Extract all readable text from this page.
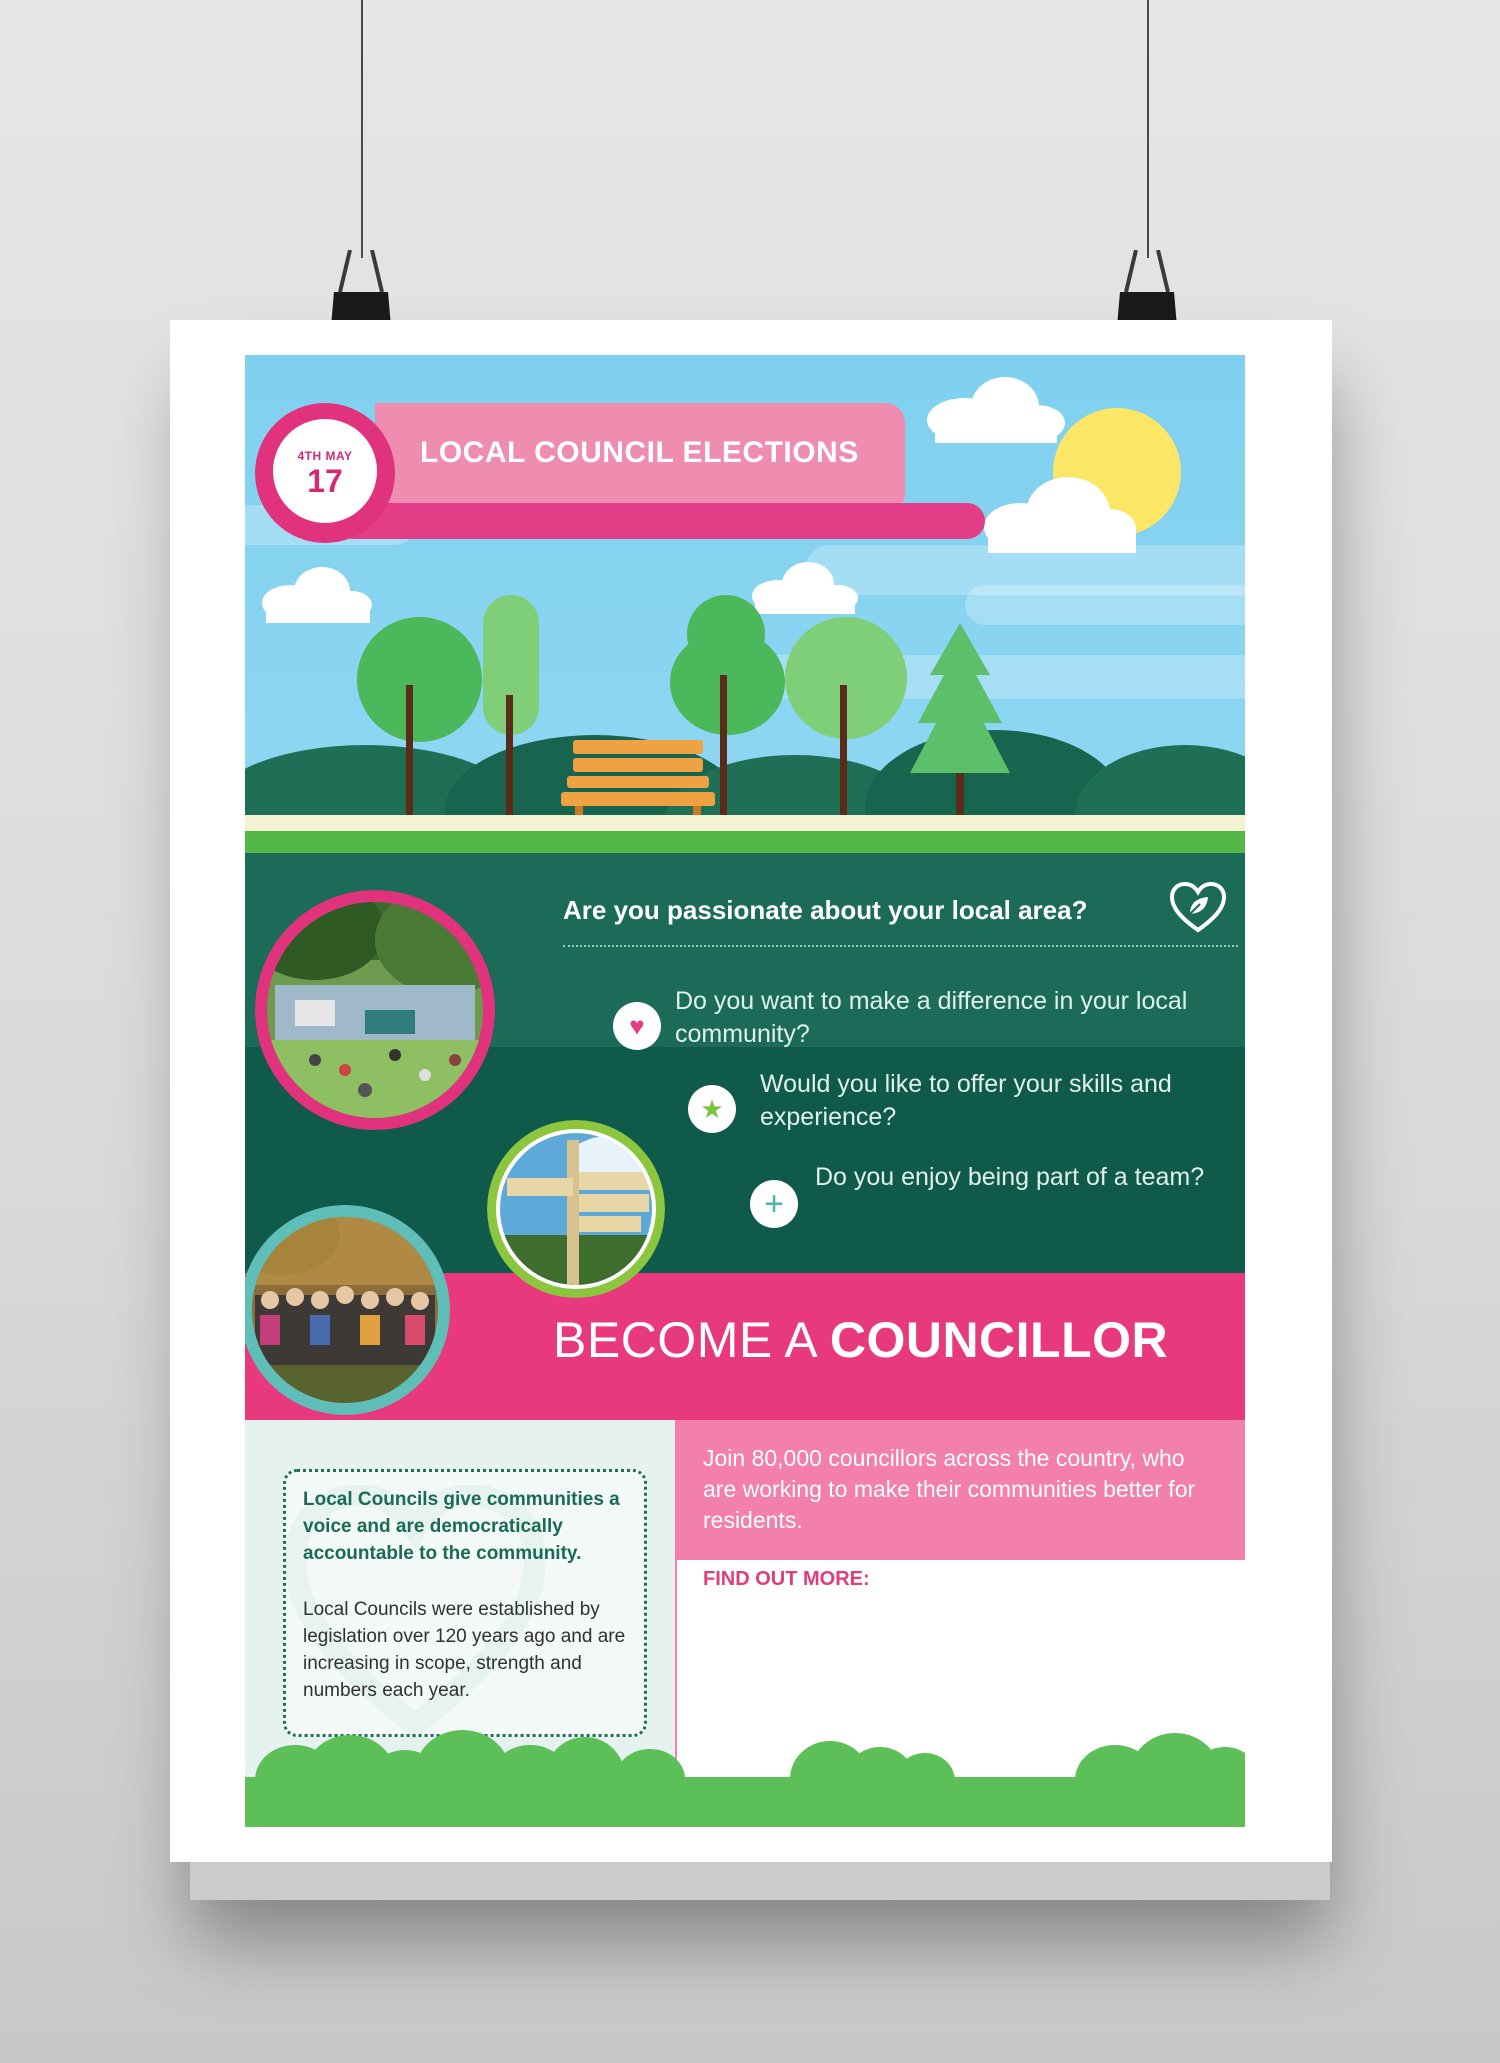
4TH MAY
17
LOCAL COUNCIL ELECTIONS
Are you passionate about your local area?
♥
Do you want to make a difference in your local community?
★
Would you like to offer your skills and experience?
+
Do you enjoy being part of a team?
BECOME A COUNCILLOR
Local Councils give communities a voice and are democratically accountable to the community.
Local Councils were established by legislation over 120 years ago and are increasing in scope, strength and numbers each year.
Join 80,000 councillors across the country, who are working to make their communities better for residents.
FIND OUT MORE:
